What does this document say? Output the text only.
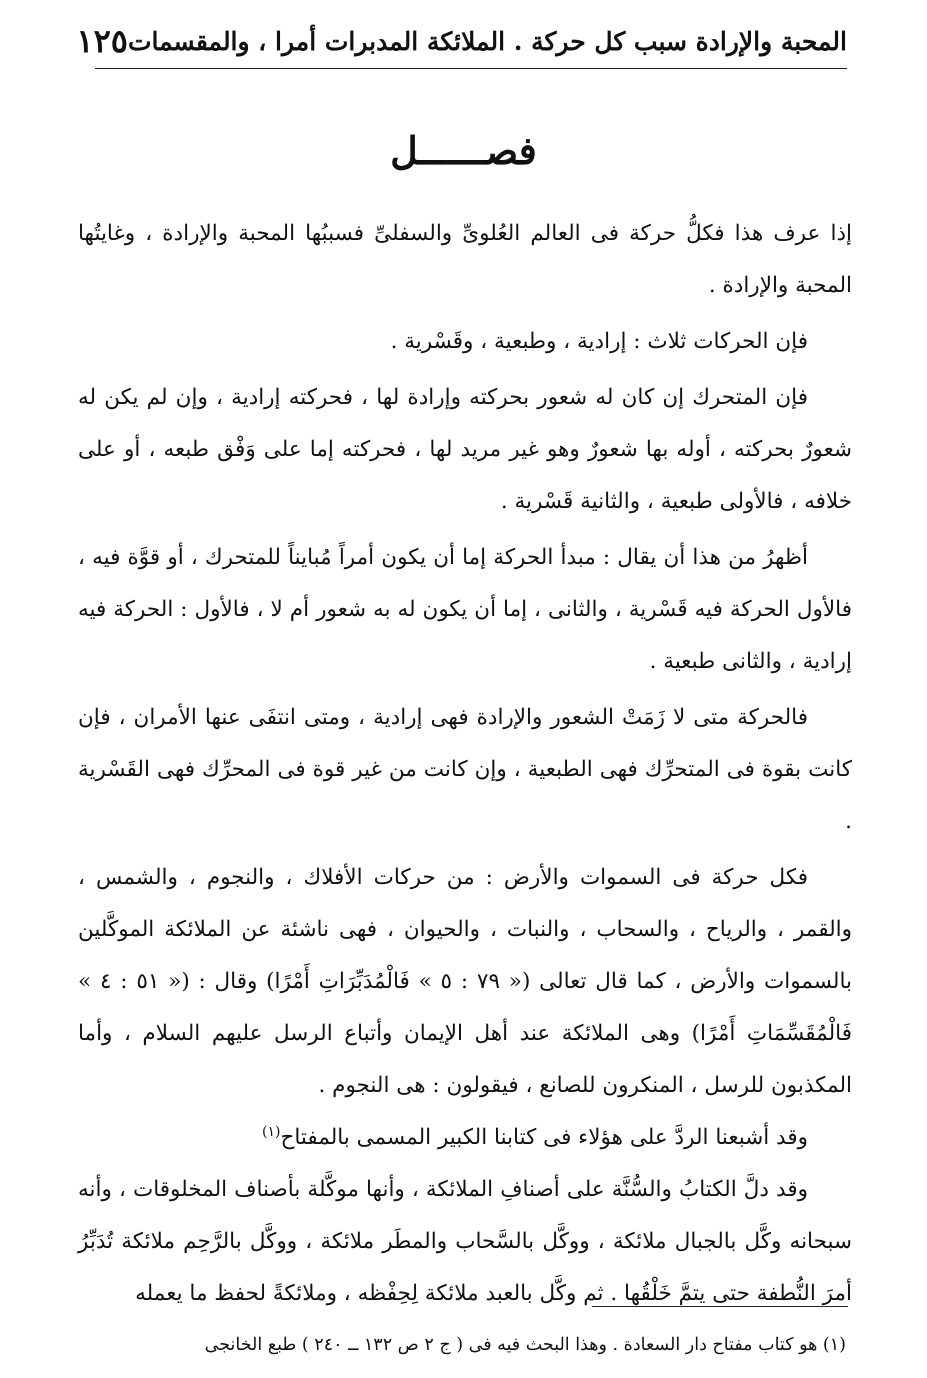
المحبة والإرادة سبب كل حركة . الملائكة المدبرات أمرا ، والمقسمات
١٢٥
فصــــــل

إذا عرف هذا فكلُّ حركة فى العالم العُلوىِّ والسفلىِّ فسببُها المحبة والإرادة ، وغايتُها المحبة والإرادة .

فإن الحركات ثلاث : إرادية ، وطبعية ، وقَسْرية .

فإن المتحرك إن كان له شعور بحركته وإرادة لها ، فحركته إرادية ، وإن لم يكن له شعورٌ بحركته ، أوله بها شعورٌ وهو غير مريد لها ، فحركته إما على وَفْق طبعه ، أو على خلافه ، فالأولى طبعية ، والثانية قَسْرية .

أظهرُ من هذا أن يقال : مبدأ الحركة إما أن يكون أمراً مُبايناً للمتحرك ، أو قوَّة فيه ، فالأول الحركة فيه قَسْرية ، والثانى ، إما أن يكون له به شعور أم لا ، فالأول : الحركة فيه إرادية ، والثانى طبعية .

فالحركة متى لا زَمَتْ الشعور والإرادة فهى إرادية ، ومتى انتفَى عنها الأمران ، فإن كانت بقوة فى المتحرِّك فهى الطبعية ، وإن كانت من غير قوة فى المحرِّك فهى القَسْرية .

فكل حركة فى السموات والأرض : من حركات الأفلاك ، والنجوم ، والشمس ، والقمر ، والرياح ، والسحاب ، والنبات ، والحيوان ، فهى ناشئة عن الملائكة الموكَّلين بالسموات والأرض ، كما قال تعالى (« ٧٩ : ٥ » فَالْمُدَبِّرَاتِ أَمْرًا) وقال : (« ٥١ : ٤ » فَالْمُقَسِّمَاتِ أَمْرًا) وهى الملائكة عند أهل الإيمان وأتباع الرسل عليهم السلام ، وأما المكذبون للرسل ، المنكرون للصانع ، فيقولون : هى النجوم .

وقد أشبعنا الردَّ على هؤلاء فى كتابنا الكبير المسمى بالمفتاح$^{(١)}$

وقد دلَّ الكتابُ والسُّنَّة على أصنافِ الملائكة ، وأنها موكَّلة بأصناف المخلوقات ، وأنه سبحانه وكَّل بالجبال ملائكة ، ووكَّل بالسَّحاب والمطَر ملائكة ، ووكَّل بالرَّحِم ملائكة تُدَبِّرُ أمرَ النُّطفة حتى يتمَّ خَلْقُها . ثم وكَّل بالعبد ملائكة لِحِفْظه ، وملائكةً لحفظ ما يعمله

(١) هو كتاب مفتاح دار السعادة . وهذا البحث فيه فى ( ج ٢ ص ١٣٢ ــ ٢٤٠ ) طبع الخانجى
